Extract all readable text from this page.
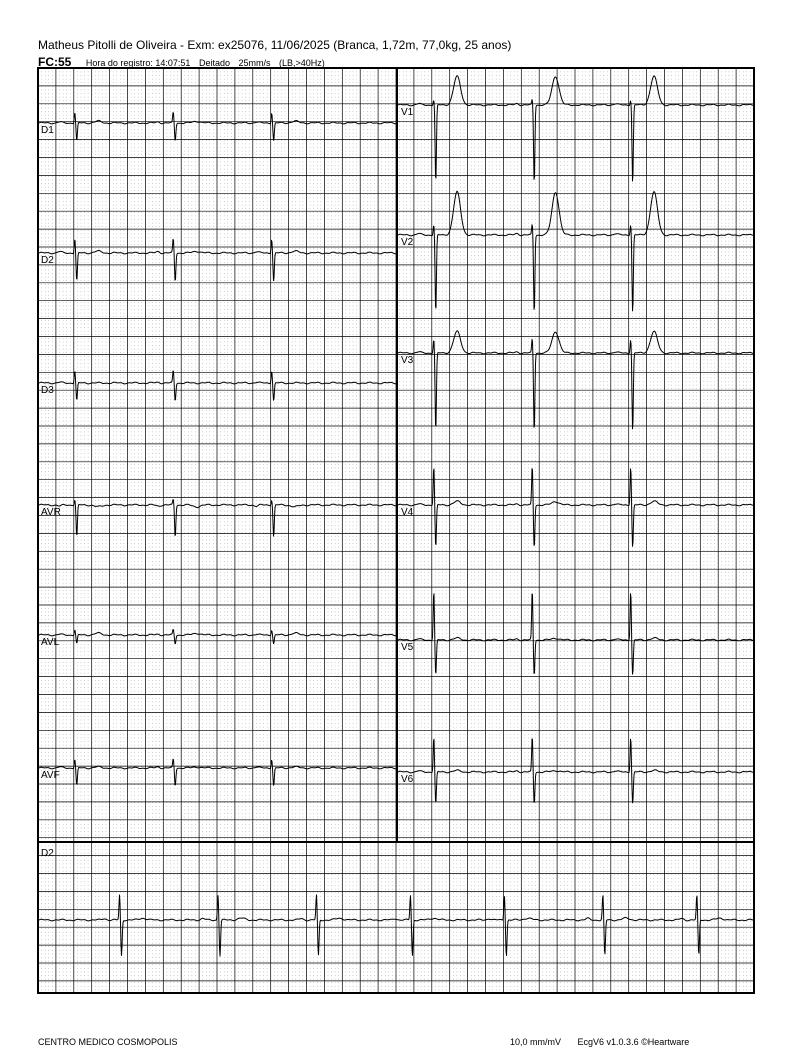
Matheus Pitolli de Oliveira - Exm: ex25076, 11/06/2025 (Branca, 1,72m, 77,0kg, 25 anos)
FC:55 Hora do registro: 14:07:51 Deitado 25mm/s (LB,>40Hz)
D1
D2
D3
AVR
AVL
AVF
V1
V2
V3
V4
V5
V6
D2
CENTRO MEDICO COSMOPOLIS	10,0 mm/mV EcgV6 v1.0.3.6 ©Heartware
